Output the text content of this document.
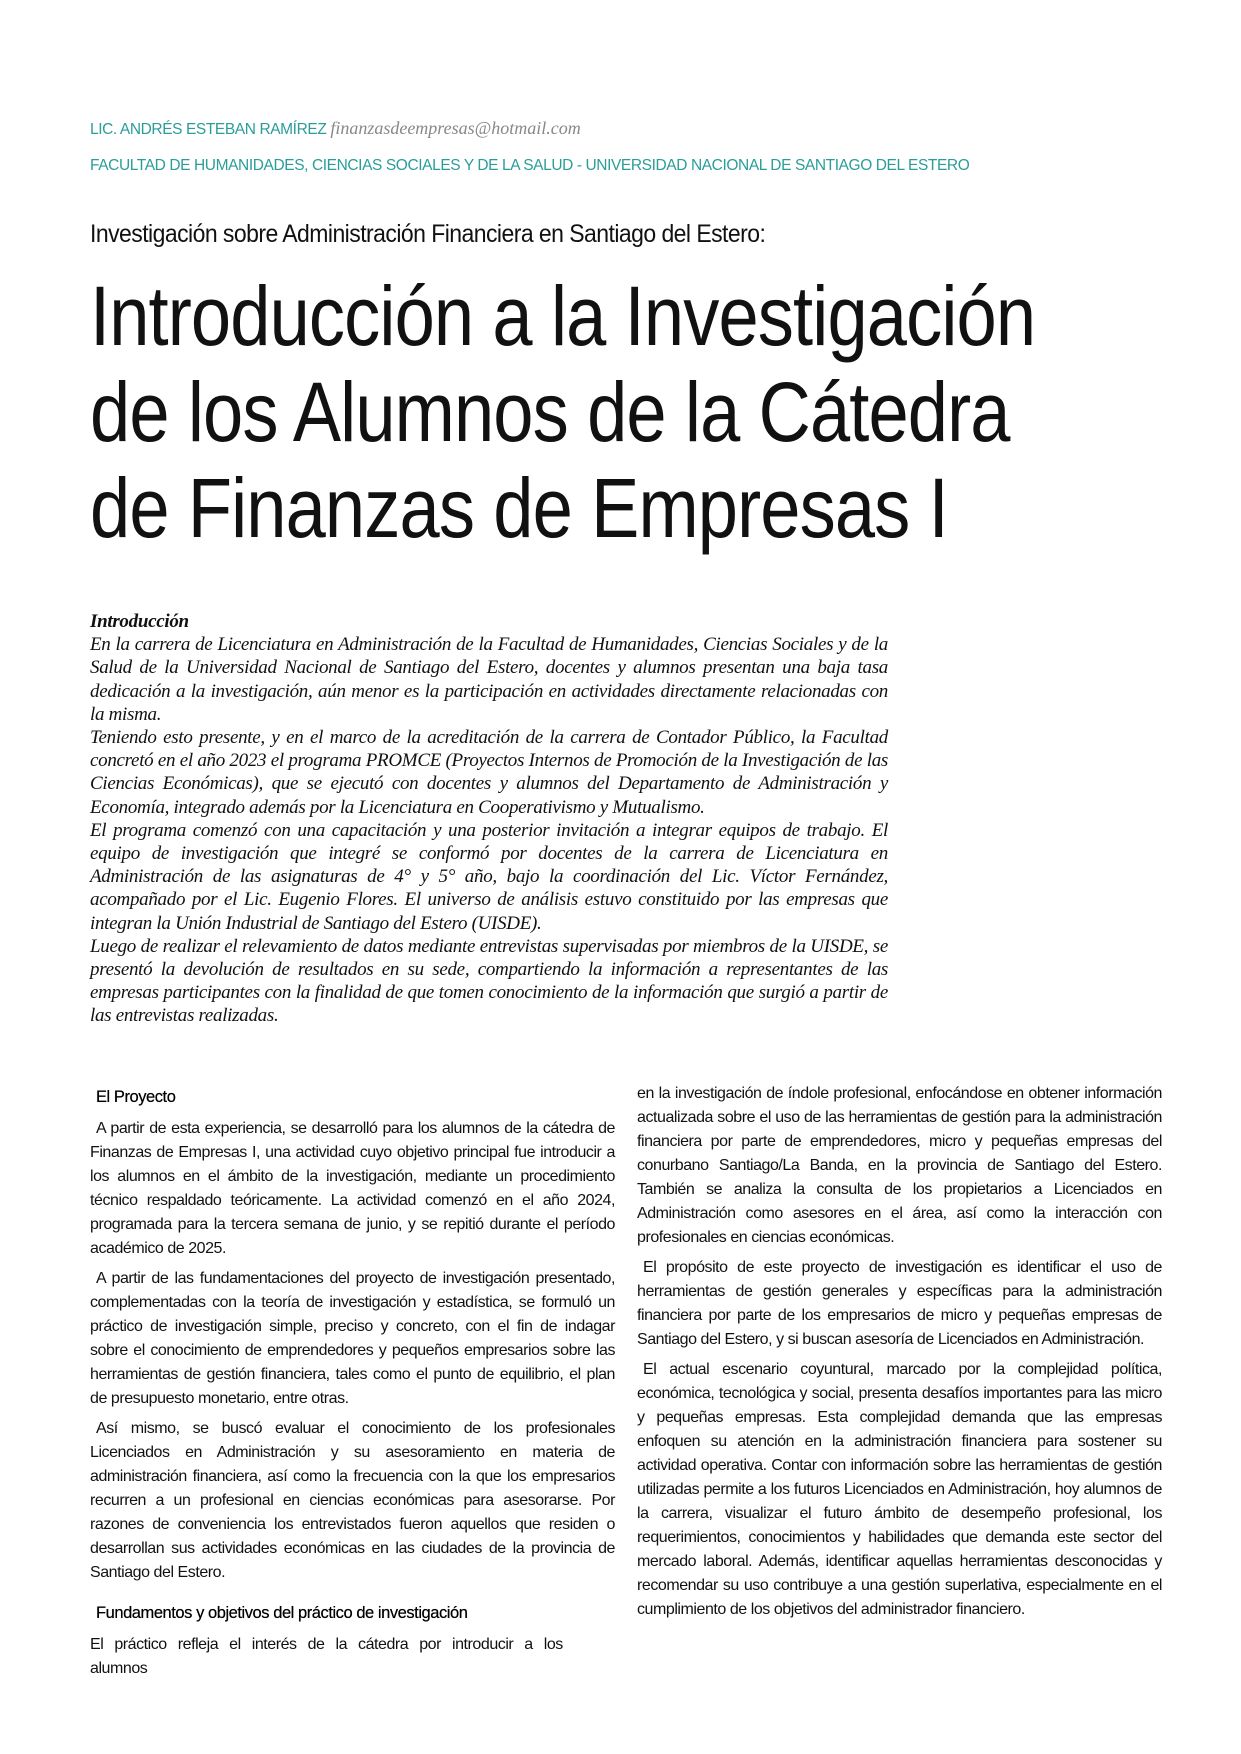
LIC. ANDRÉS ESTEBAN RAMÍREZ finanzasdeempresas@hotmail.com
FACULTAD DE HUMANIDADES, CIENCIAS SOCIALES Y DE LA SALUD - UNIVERSIDAD NACIONAL DE SANTIAGO DEL ESTERO
Investigación sobre Administración Financiera en Santiago del Estero:
Introducción a la Investigación
de los Alumnos de la Cátedra
de Finanzas de Empresas I

Introducción

En la carrera de Licenciatura en Administración de la Facultad de Humanidades, Ciencias Sociales y de la Salud de la Universidad Nacional de Santiago del Estero, docentes y alumnos presentan una baja tasa dedicación a la investigación, aún menor es la participación en actividades directamente relacionadas con la misma.

Teniendo esto presente, y en el marco de la acreditación de la carrera de Contador Público, la Facultad concretó en el año 2023 el programa PROMCE (Proyectos Internos de Promoción de la Investigación de las Ciencias Económicas), que se ejecutó con docentes y alumnos del Departamento de Administración y Economía, integrado además por la Licenciatura en Cooperativismo y Mutualismo.

El programa comenzó con una capacitación y una posterior invitación a integrar equipos de trabajo. El equipo de investigación que integré se conformó por docentes de la carrera de Licenciatura en Administración de las asignaturas de 4° y 5° año, bajo la coordinación del Lic. Víctor Fernández, acompañado por el Lic. Eugenio Flores. El universo de análisis estuvo constituido por las empresas que integran la Unión Industrial de Santiago del Estero (UISDE).

Luego de realizar el relevamiento de datos mediante entrevistas supervisadas por miembros de la UISDE, se presentó la devolución de resultados en su sede, compartiendo la información a representantes de las empresas participantes con la finalidad de que tomen conocimiento de la información que surgió a partir de las entrevistas realizadas.

El Proyecto

A partir de esta experiencia, se desarrolló para los alumnos de la cátedra de Finanzas de Empresas I, una actividad cuyo objetivo principal fue introducir a los alumnos en el ámbito de la investigación, mediante un procedimiento técnico respaldado teóricamente. La actividad comenzó en el año 2024, programada para la tercera semana de junio, y se repitió durante el período académico de 2025.

A partir de las fundamentaciones del proyecto de investigación presentado, complementadas con la teoría de investigación y estadística, se formuló un práctico de investigación simple, preciso y concreto, con el fin de indagar sobre el conocimiento de emprendedores y pequeños empresarios sobre las herramientas de gestión financiera, tales como el punto de equilibrio, el plan de presupuesto monetario, entre otras.

Así mismo, se buscó evaluar el conocimiento de los profesionales Licenciados en Administración y su asesoramiento en materia de administración financiera, así como la frecuencia con la que los empresarios recurren a un profesional en ciencias económicas para asesorarse. Por razones de conveniencia los entrevistados fueron aquellos que residen o desarrollan sus actividades económicas en las ciudades de la provincia de Santiago del Estero.

Fundamentos y objetivos del práctico de investigación

El práctico refleja el interés de la cátedra por introducir a los alumnos

en la investigación de índole profesional, enfocándose en obtener información actualizada sobre el uso de las herramientas de gestión para la administración financiera por parte de emprendedores, micro y pequeñas empresas del conurbano Santiago/La Banda, en la provincia de Santiago del Estero. También se analiza la consulta de los propietarios a Licenciados en Administración como asesores en el área, así como la interacción con profesionales en ciencias económicas.

El propósito de este proyecto de investigación es identificar el uso de herramientas de gestión generales y específicas para la administración financiera por parte de los empresarios de micro y pequeñas empresas de Santiago del Estero, y si buscan asesoría de Licenciados en Administración.

El actual escenario coyuntural, marcado por la complejidad política, económica, tecnológica y social, presenta desafíos importantes para las micro y pequeñas empresas. Esta complejidad demanda que las empresas enfoquen su atención en la administración financiera para sostener su actividad operativa. Contar con información sobre las herramientas de gestión utilizadas permite a los futuros Licenciados en Administración, hoy alumnos de la carrera, visualizar el futuro ámbito de desempeño profesional, los requerimientos, conocimientos y habilidades que demanda este sector del mercado laboral. Además, identificar aquellas herramientas desconocidas y recomendar su uso contribuye a una gestión superlativa, especialmente en el cumplimiento de los objetivos del administrador financiero.
